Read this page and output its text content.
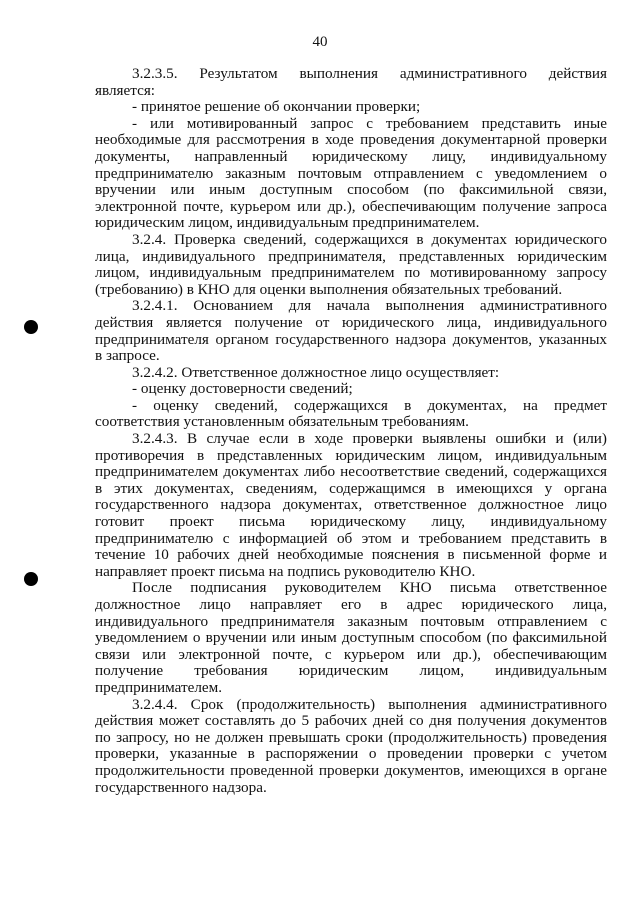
40
3.2.3.5. Результатом выполнения административного действия
является:
- принятое решение об окончании проверки;
- или мотивированный запрос с требованием представить иные
необходимые для рассмотрения в ходе проведения документарной проверки
документы, направленный юридическому лицу, индивидуальному
предпринимателю заказным почтовым отправлением с уведомлением о
вручении или иным доступным способом (по факсимильной связи,
электронной почте, курьером или др.), обеспечивающим получение запроса
юридическим лицом, индивидуальным предпринимателем.
3.2.4. Проверка сведений, содержащихся в документах юридического
лица, индивидуального предпринимателя, представленных юридическим
лицом, индивидуальным предпринимателем по мотивированному запросу
(требованию) в КНО для оценки выполнения обязательных требований.
3.2.4.1. Основанием для начала выполнения административного
действия является получение от юридического лица, индивидуального
предпринимателя органом государственного надзора документов, указанных
в запросе.
3.2.4.2. Ответственное должностное лицо осуществляет:
- оценку достоверности сведений;
- оценку сведений, содержащихся в документах, на предмет
соответствия установленным обязательным требованиям.
3.2.4.3. В случае если в ходе проверки выявлены ошибки и (или)
противоречия в представленных юридическим лицом, индивидуальным
предпринимателем документах либо несоответствие сведений, содержащихся
в этих документах, сведениям, содержащимся в имеющихся у органа
государственного надзора документах, ответственное должностное лицо
готовит проект письма юридическому лицу, индивидуальному
предпринимателю с информацией об этом и требованием представить в
течение 10 рабочих дней необходимые пояснения в письменной форме и
направляет проект письма на подпись руководителю КНО.
После подписания руководителем КНО письма ответственное
должностное лицо направляет его в адрес юридического лица,
индивидуального предпринимателя заказным почтовым отправлением с
уведомлением о вручении или иным доступным способом (по факсимильной
связи или электронной почте, с курьером или др.), обеспечивающим
получение требования юридическим лицом, индивидуальным
предпринимателем.
3.2.4.4. Срок (продолжительность) выполнения административного
действия может составлять до 5 рабочих дней со дня получения документов
по запросу, но не должен превышать сроки (продолжительность) проведения
проверки, указанные в распоряжении о проведении проверки с учетом
продолжительности проведенной проверки документов, имеющихся в органе
государственного надзора.
